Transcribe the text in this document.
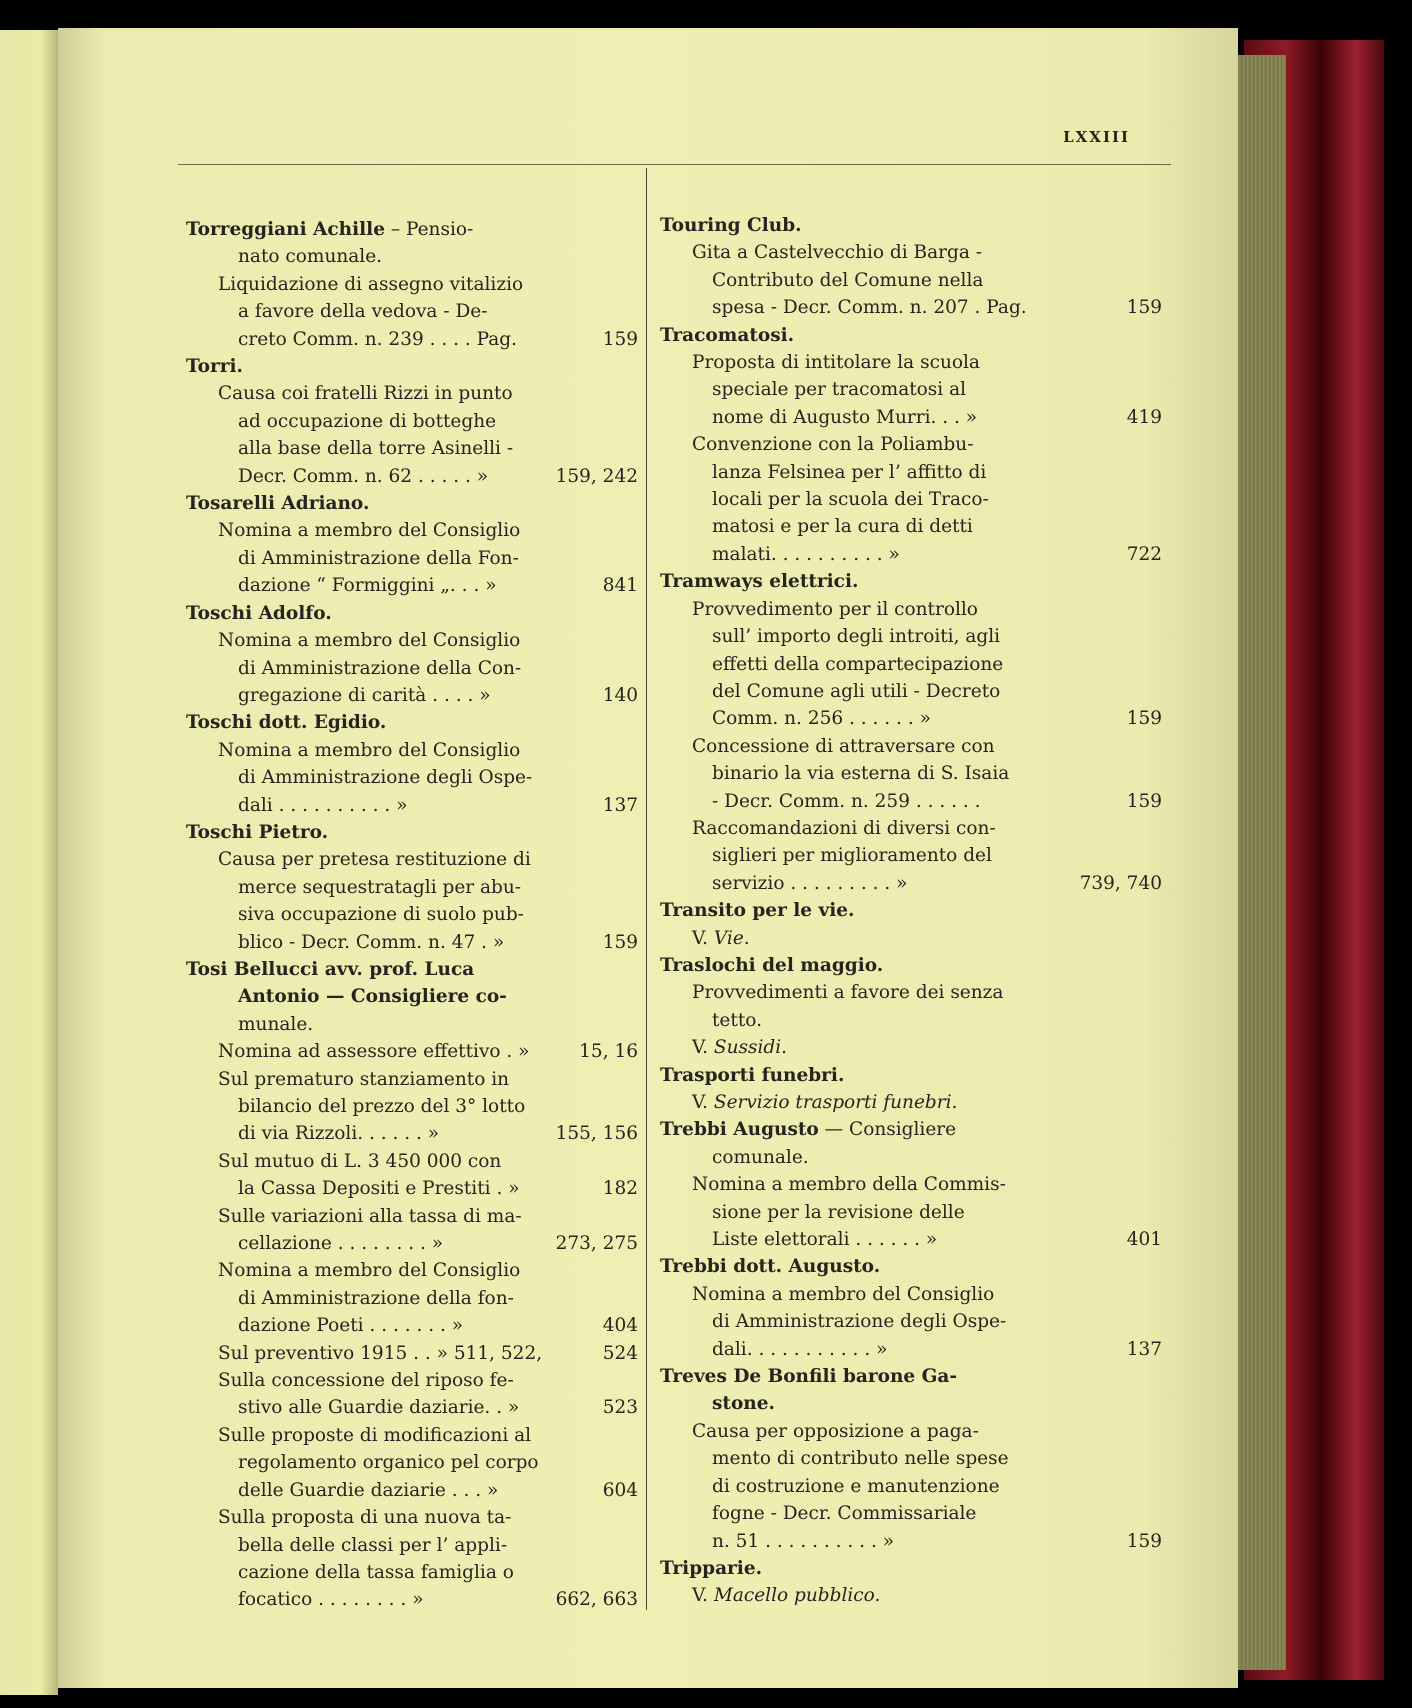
LXXIII
Torreggiani Achille – Pensio-
nato comunale.
Liquidazione di assegno vitalizio
a favore della vedova - De-
creto Comm. n. 239 . . . . Pag.	159
Torri.
Causa coi fratelli Rizzi in punto
ad occupazione di botteghe
alla base della torre Asinelli -
Decr. Comm. n. 62 . . . . . »	159, 242
Tosarelli Adriano.
Nomina a membro del Consiglio
di Amministrazione della Fon-
dazione “ Formiggini „. . . »	841
Toschi Adolfo.
Nomina a membro del Consiglio
di Amministrazione della Con-
gregazione di carità . . . . »	140
Toschi dott. Egidio.
Nomina a membro del Consiglio
di Amministrazione degli Ospe-
dali . . . . . . . . . . »	137
Toschi Pietro.
Causa per pretesa restituzione di
merce sequestratagli per abu-
siva occupazione di suolo pub-
blico - Decr. Comm. n. 47 . »	159
Tosi Bellucci avv. prof. Luca
Antonio — Consigliere co-
munale.
Nomina ad assessore effettivo . »	15, 16
Sul prematuro stanziamento in
bilancio del prezzo del 3° lotto
di via Rizzoli. . . . . . »	155, 156
Sul mutuo di L. 3 450 000 con
la Cassa Depositi e Prestiti . »	182
Sulle variazioni alla tassa di ma-
cellazione . . . . . . . . »	273, 275
Nomina a membro del Consiglio
di Amministrazione della fon-
dazione Poeti . . . . . . . »	404
Sul preventivo 1915 . . » 511, 522,	524
Sulla concessione del riposo fe-
stivo alle Guardie daziarie. . »	523
Sulle proposte di modificazioni al
regolamento organico pel corpo
delle Guardie daziarie . . . »	604
Sulla proposta di una nuova ta-
bella delle classi per l’ appli-
cazione della tassa famiglia o
focatico . . . . . . . . »	662, 663
Touring Club.
Gita a Castelvecchio di Barga -
Contributo del Comune nella
spesa - Decr. Comm. n. 207 . Pag.	159
Tracomatosi.
Proposta di intitolare la scuola
speciale per tracomatosi al
nome di Augusto Murri. . . »	419
Convenzione con la Poliambu-
lanza Felsinea per l’ affitto di
locali per la scuola dei Traco-
matosi e per la cura di detti
malati. . . . . . . . . . »	722
Tramways elettrici.
Provvedimento per il controllo
sull’ importo degli introiti, agli
effetti della compartecipazione
del Comune agli utili - Decreto
Comm. n. 256 . . . . . . »	159
Concessione di attraversare con
binario la via esterna di S. Isaia
- Decr. Comm. n. 259 . . . . . .	159
Raccomandazioni di diversi con-
siglieri per miglioramento del
servizio . . . . . . . . . »	739, 740
Transito per le vie.
V. Vie.
Traslochi del maggio.
Provvedimenti a favore dei senza
tetto.
V. Sussidi.
Trasporti funebri.
V. Servizio trasporti funebri.
Trebbi Augusto — Consigliere
comunale.
Nomina a membro della Commis-
sione per la revisione delle
Liste elettorali . . . . . . »	401
Trebbi dott. Augusto.
Nomina a membro del Consiglio
di Amministrazione degli Ospe-
dali. . . . . . . . . . . »	137
Treves De Bonfili barone Ga-
stone.
Causa per opposizione a paga-
mento di contributo nelle spese
di costruzione e manutenzione
fogne - Decr. Commissariale
n. 51 . . . . . . . . . . »	159
Tripparie.
V. Macello pubblico.
